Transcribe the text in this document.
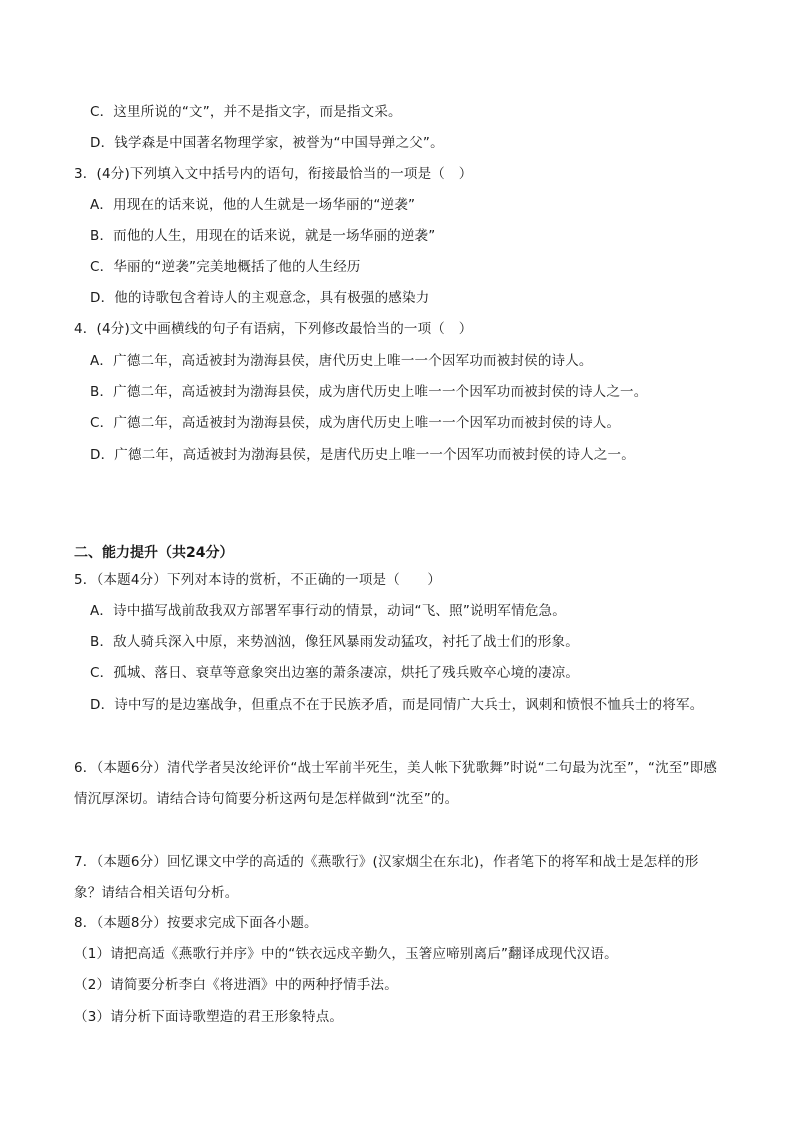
C．这里所说的“文”，并不是指文字，而是指文采。
D．钱学森是中国著名物理学家，被誉为“中国导弹之父”。
3．(4分)下列填入文中括号内的语句，衔接最恰当的一项是（　）
A．用现在的话来说，他的人生就是一场华丽的“逆袭”
B．而他的人生，用现在的话来说，就是一场华丽的逆袭”
C．华丽的“逆袭”完美地概括了他的人生经历
D．他的诗歌包含着诗人的主观意念，具有极强的感染力
4．(4分)文中画横线的句子有语病，下列修改最恰当的一项（　）
A．广德二年，高适被封为渤海县侯，唐代历史上唯一一个因军功而被封侯的诗人。
B．广德二年，高适被封为渤海县侯，成为唐代历史上唯一一个因军功而被封侯的诗人之一。
C．广德二年，高适被封为渤海县侯，成为唐代历史上唯一一个因军功而被封侯的诗人。
D．广德二年，高适被封为渤海县侯，是唐代历史上唯一一个因军功而被封侯的诗人之一。
二、能力提升（共24分）
5．（本题4分）下列对本诗的赏析，不正确的一项是（　　）
A．诗中描写战前敌我双方部署军事行动的情景，动词“飞、照”说明军情危急。
B．敌人骑兵深入中原，来势汹汹，像狂风暴雨发动猛攻，衬托了战士们的形象。
C．孤城、落日、衰草等意象突出边塞的萧条凄凉，烘托了残兵败卒心境的凄凉。
D．诗中写的是边塞战争，但重点不在于民族矛盾，而是同情广大兵士，讽刺和愤恨不恤兵士的将军。
6．（本题6分）清代学者吴汝纶评价“战士军前半死生，美人帐下犹歌舞”时说“二句最为沈至”，“沈至”即感
情沉厚深切。请结合诗句简要分析这两句是怎样做到“沈至”的。
7．（本题6分）回忆课文中学的高适的《燕歌行》(汉家烟尘在东北)，作者笔下的将军和战士是怎样的形
象？请结合相关语句分析。
8．（本题8分）按要求完成下面各小题。
（1）请把高适《燕歌行并序》中的“铁衣远戍辛勤久，玉箸应啼别离后”翻译成现代汉语。
（2）请简要分析李白《将进酒》中的两种抒情手法。
（3）请分析下面诗歌塑造的君王形象特点。
